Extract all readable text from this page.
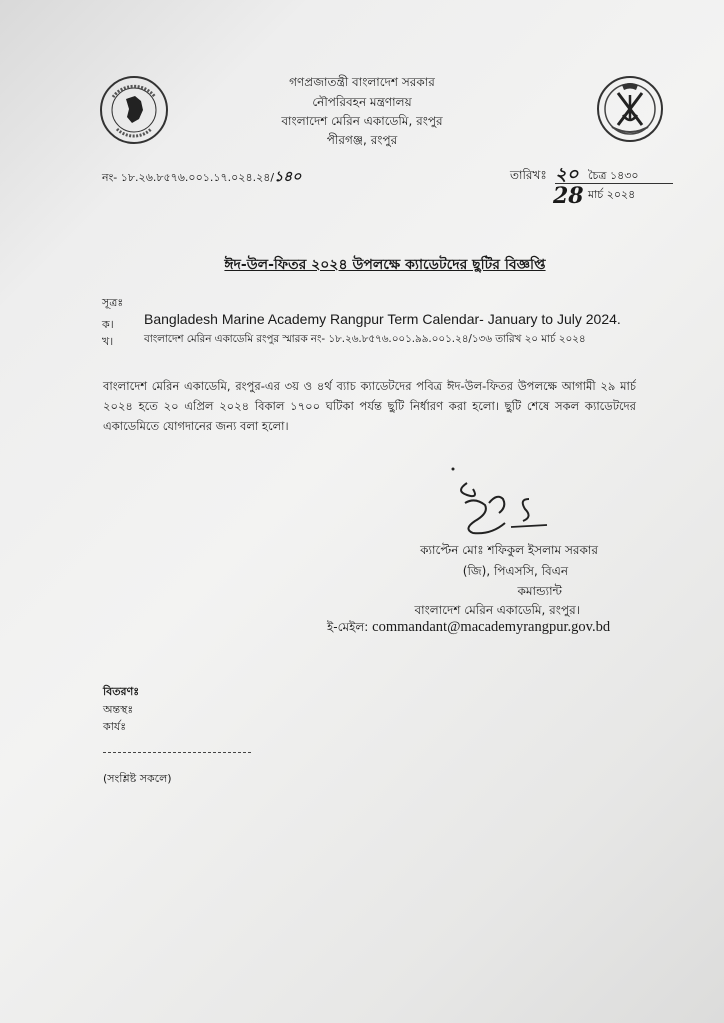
গণপ্রজাতন্ত্রী বাংলাদেশ সরকার
নৌপরিবহন মন্ত্রণালয়
বাংলাদেশ মেরিন একাডেমি, রংপুর
পীরগঞ্জ, রংপুর
নং- ১৮.২৬.৮৫৭৬.০০১.১৭.০২৪.২৪/১৪০	তারিখঃ ২০ চৈত্র ১৪৩০
28 মার্চ ২০২৪
ঈদ-উল-ফিতর ২০২৪ উপলক্ষে ক্যাডেটদের ছুটির বিজ্ঞপ্তি
সূত্রঃ
ক। Bangladesh Marine Academy Rangpur Term Calendar- January to July 2024.
খ।	বাংলাদেশ মেরিন একাডেমি রংপুর স্মারক নং- ১৮.২৬.৮৫৭৬.০০১.৯৯.০০১.২৪/১৩৬ তারিখ ২০ মার্চ ২০২৪
বাংলাদেশ মেরিন একাডেমি, রংপুর-এর ৩য় ও ৪র্থ ব্যাচ ক্যাডেটদের পবিত্র ঈদ-উল-ফিতর উপলক্ষে আগামী ২৯ মার্চ ২০২৪ হতে ২০ এপ্রিল ২০২৪ বিকাল ১৭০০ ঘটিকা পর্যন্ত ছুটি নির্ধারণ করা হলো। ছুটি শেষে সকল ক্যাডেটদের একাডেমিতে যোগদানের জন্য বলা হলো।
ক্যাপ্টেন মোঃ শফিকুল ইসলাম সরকার
(জি), পিএসসি, বিএন
কমান্ড্যান্ট
বাংলাদেশ মেরিন একাডেমি, রংপুর।
ই-মেইল: commandant@macademyrangpur.gov.bd
বিতরণঃ
অন্তস্থঃ
কার্যঃ
(সংশ্লিষ্ট সকলে)
